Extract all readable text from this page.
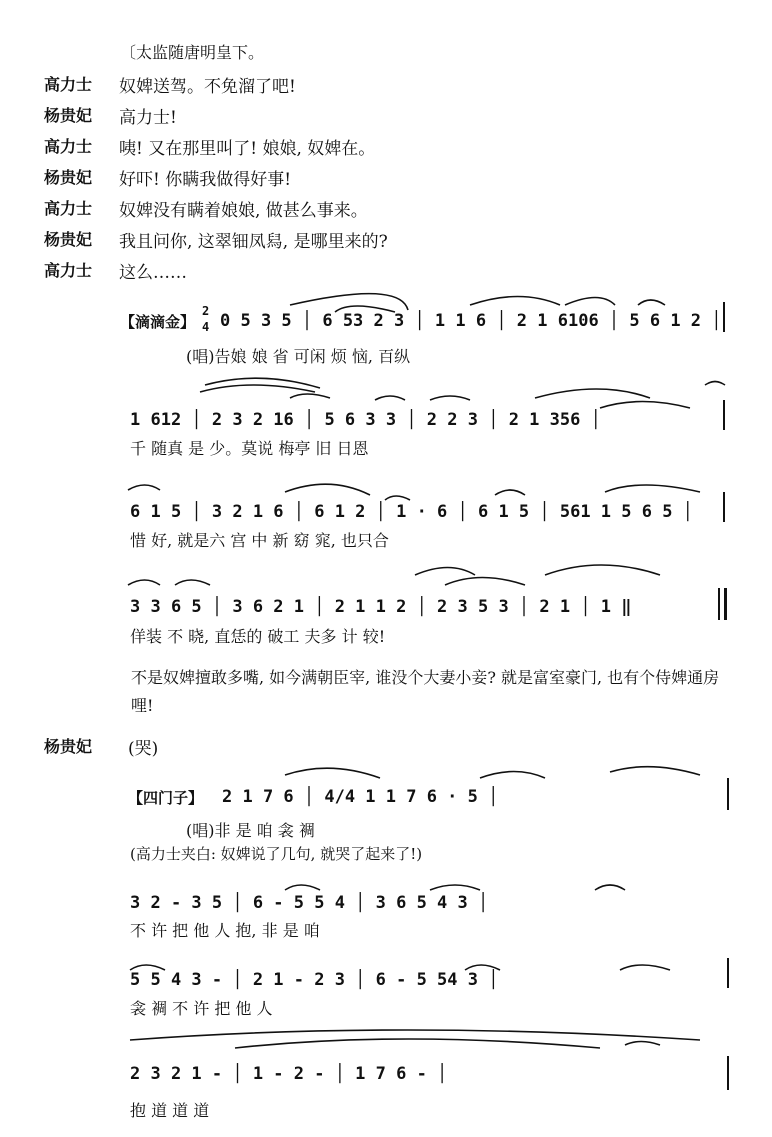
〔太监随唐明皇下。
高力士 奴婢送驾。不免溜了吧!
杨贵妃 高力士!
高力士 咦! 又在那里叫了! 娘娘, 奴婢在。
杨贵妃 好吓! 你瞒我做得好事!
高力士 奴婢没有瞒着娘娘, 做甚么事来。
杨贵妃 我且问你, 这翠钿凤舄, 是哪里来的?
高力士 这么……
【滴滴金】
2
4 0 5 3 5 │ 6 53 2 3 │ 1 1 6 │ 2 1 6106 │ 5 6 1 2 │
(唱)告娘 娘 省 可闲 烦 恼, 百纵
1 612 │ 2 3 2 16 │ 5 6 3 3 │ 2 2 3 │ 2 1 356 │
千 随真 是 少。莫说 梅亭 旧 日恩
6 1 5 │ 3 2 1 6 │ 6 1 2 │ 1 · 6 │ 6 1 5 │ 561 1 5 6 5 │
惜 好, 就是六 宫 中 新 窈 窕, 也只合
3 3 6 5 │ 3 6 2 1 │ 2 1 1 2 │ 2 3 5 3 │ 2 1 │ 1 ‖
佯装 不 晓, 直恁的 破工 夫多 计 较!
不是奴婢擅敢多嘴, 如今满朝臣宰, 谁没个大妻小妾? 就是富室豪门, 也有个侍婢通房哩!
杨贵妃 (哭)
【四门子】 2 1 7 6 │ 4/4 1 1 7 6 · 5 │
(唱)非 是 咱 衾 裯
(高力士夹白: 奴婢说了几句, 就哭了起来了!)
3 2 - 3 5 │ 6 - 5 5 4 │ 3 6 5 4 3 │
不 许 把 他 人 抱, 非 是 咱
5 5 4 3 - │ 2 1 - 2 3 │ 6 - 5 54 3 │
衾 裯 不 许 把 他 人
2 3 2 1 - │ 1 - 2 - │ 1 7 6 - │
抱 道 道 道
